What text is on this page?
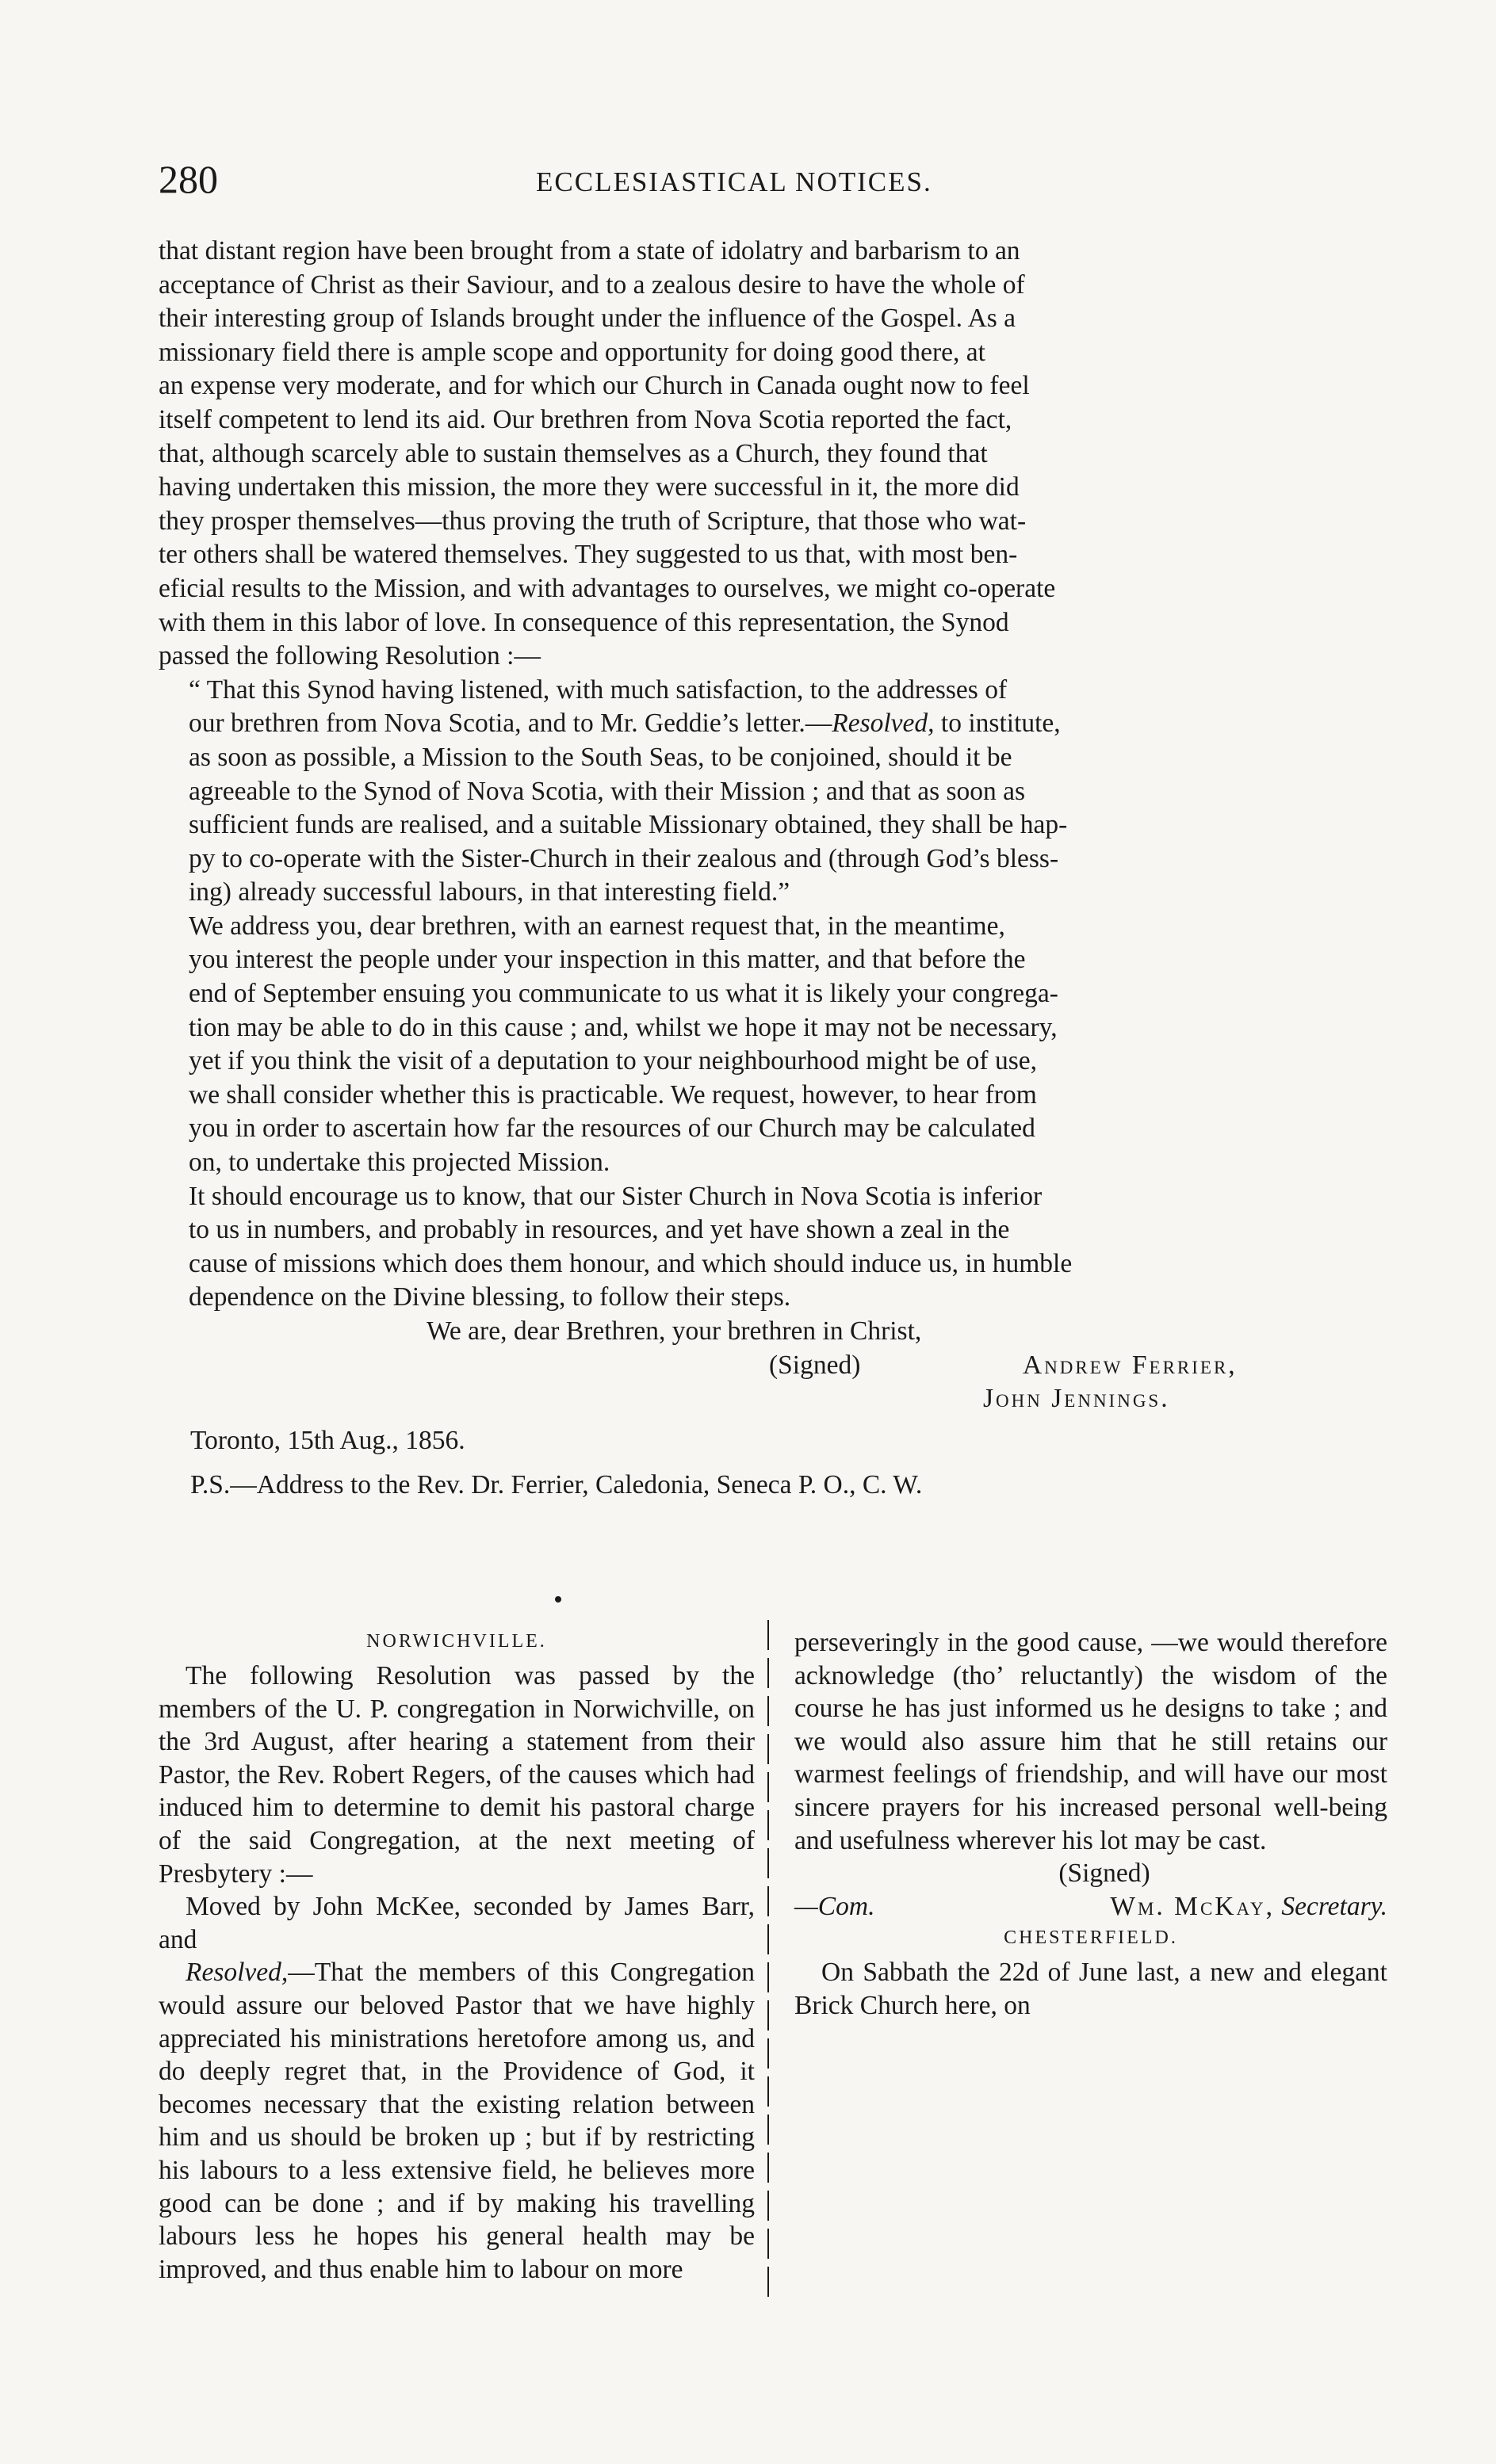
280	ECCLESIASTICAL NOTICES.

that distant region have been brought from a state of idolatry and barbarism to an
acceptance of Christ as their Saviour, and to a zealous desire to have the whole of
their interesting group of Islands brought under the influence of the Gospel. As a
missionary field there is ample scope and opportunity for doing good there, at
an expense very moderate, and for which our Church in Canada ought now to feel
itself competent to lend its aid. Our brethren from Nova Scotia reported the fact,
that, although scarcely able to sustain themselves as a Church, they found that
having undertaken this mission, the more they were successful in it, the more did
they prosper themselves—thus proving the truth of Scripture, that those who wat-
ter others shall be watered themselves. They suggested to us that, with most ben-
eficial results to the Mission, and with advantages to ourselves, we might co-operate
with them in this labor of love. In consequence of this representation, the Synod
passed the following Resolution :—

“ That this Synod having listened, with much satisfaction, to the addresses of
our brethren from Nova Scotia, and to Mr. Geddie’s letter.—Resolved, to institute,
as soon as possible, a Mission to the South Seas, to be conjoined, should it be
agreeable to the Synod of Nova Scotia, with their Mission ; and that as soon as
sufficient funds are realised, and a suitable Missionary obtained, they shall be hap-
py to co-operate with the Sister-Church in their zealous and (through God’s bless-
ing) already successful labours, in that interesting field.”

We address you, dear brethren, with an earnest request that, in the meantime,
you interest the people under your inspection in this matter, and that before the
end of September ensuing you communicate to us what it is likely your congrega-
tion may be able to do in this cause ; and, whilst we hope it may not be necessary,
yet if you think the visit of a deputation to your neighbourhood might be of use,
we shall consider whether this is practicable. We request, however, to hear from
you in order to ascertain how far the resources of our Church may be calculated
on, to undertake this projected Mission.

It should encourage us to know, that our Sister Church in Nova Scotia is inferior
to us in numbers, and probably in resources, and yet have shown a zeal in the
cause of missions which does them honour, and which should induce us, in humble
dependence on the Divine blessing, to follow their steps.

We are, dear Brethren, your brethren in Christ,

(Signed)	Andrew Ferrier,
John Jennings.
Toronto, 15th Aug., 1856.
P.S.—Address to the Rev. Dr. Ferrier, Caledonia, Seneca P. O., C. W.
NORWICHVILLE.

The following Resolution was passed by the members of the U. P. congregation in Norwichville, on the 3rd August, after hearing a statement from their Pastor, the Rev. Robert Regers, of the causes which had induced him to determine to demit his pastoral charge of the said Congregation, at the next meeting of Presbytery :—

Moved by John McKee, seconded by James Barr, and

Resolved,—That the members of this Congregation would assure our beloved Pastor that we have highly appreciated his ministrations heretofore among us, and do deeply regret that, in the Providence of God, it becomes necessary that the existing relation between him and us should be broken up ; but if by restricting his labours to a less extensive field, he believes more good can be done ; and if by making his travelling labours less he hopes his general health may be improved, and thus enable him to labour on more

perseveringly in the good cause, —we would therefore acknowledge (tho’ reluctantly) the wisdom of the course he has just informed us he designs to take ; and we would also assure him that he still retains our warmest feelings of friendship, and will have our most sincere prayers for his increased personal well-being and usefulness wherever his lot may be cast.

(Signed)

—Com.	Wm. McKay, Secretary.
CHESTERFIELD.

On Sabbath the 22d of June last, a new and elegant Brick Church here, on
